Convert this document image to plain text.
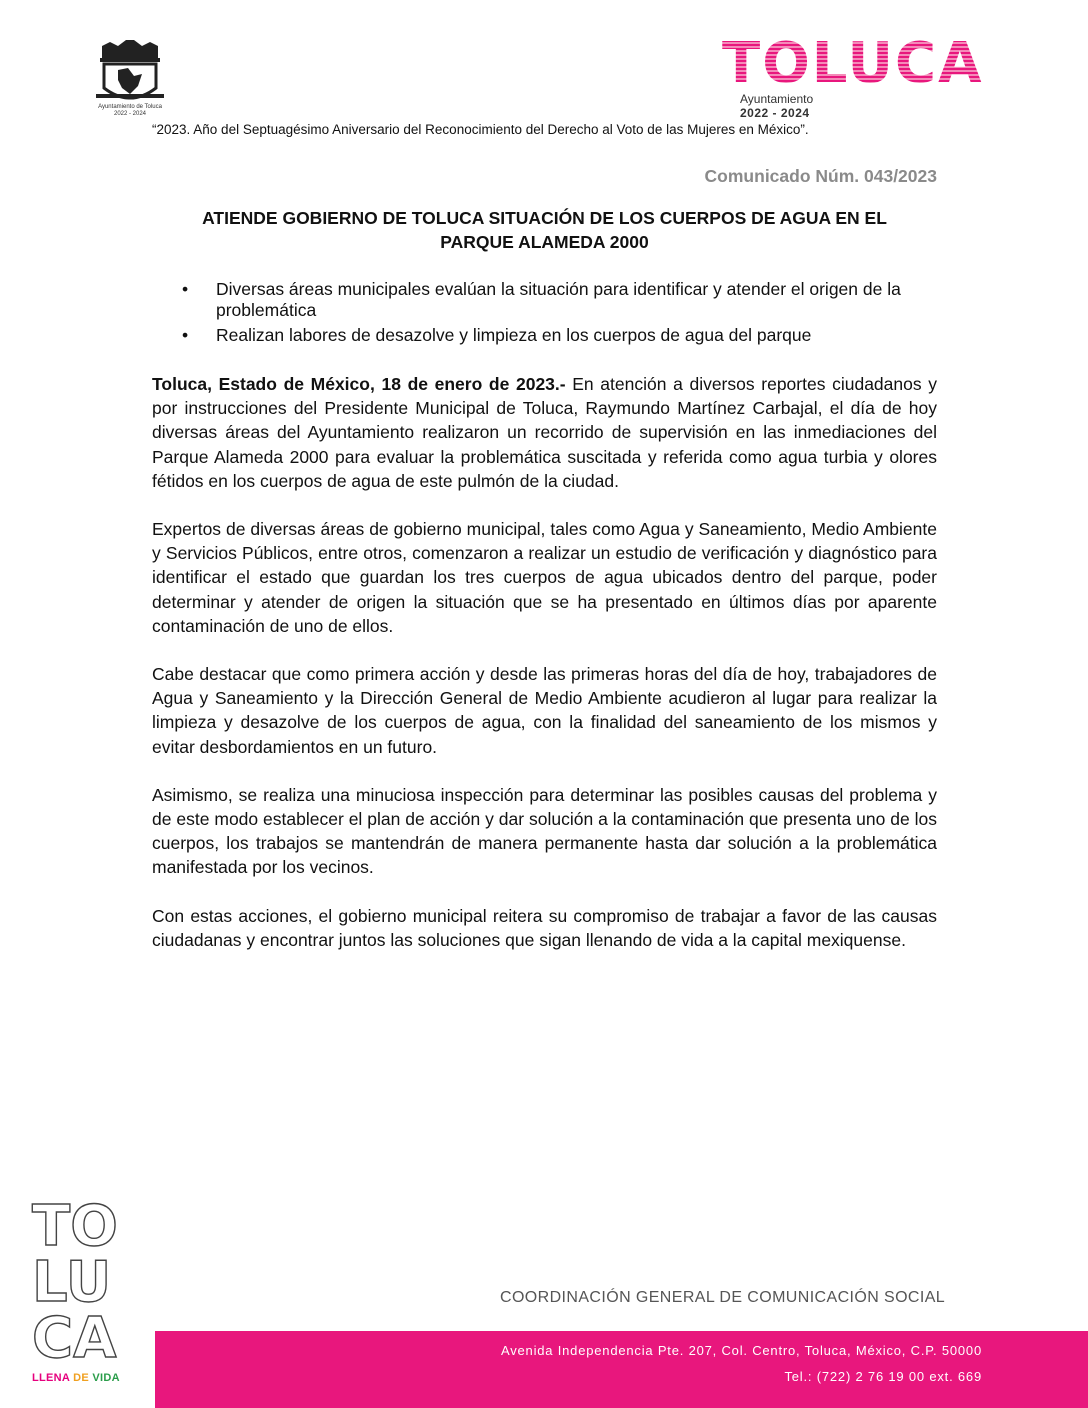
Ayuntamiento de Toluca
2022 - 2024
“2023. Año del Septuagésimo Aniversario del Reconocimiento del Derecho al Voto de las Mujeres en México”.
TOLUCA
Ayuntamiento
2022 - 2024
Comunicado Núm. 043/2023
ATIENDE GOBIERNO DE TOLUCA SITUACIÓN DE LOS CUERPOS DE AGUA EN EL
PARQUE ALAMEDA 2000
• Diversas áreas municipales evalúan la situación para identificar y atender el origen de la problemática
• Realizan labores de desazolve y limpieza en los cuerpos de agua del parque

Toluca, Estado de México, 18 de enero de 2023.- En atención a diversos reportes ciudadanos y por instrucciones del Presidente Municipal de Toluca, Raymundo Martínez Carbajal, el día de hoy diversas áreas del Ayuntamiento realizaron un recorrido de supervisión en las inmediaciones del Parque Alameda 2000 para evaluar la problemática suscitada y referida como agua turbia y olores fétidos en los cuerpos de agua de este pulmón de la ciudad.

Expertos de diversas áreas de gobierno municipal, tales como Agua y Saneamiento, Medio Ambiente y Servicios Públicos, entre otros, comenzaron a realizar un estudio de verificación y diagnóstico para identificar el estado que guardan los tres cuerpos de agua ubicados dentro del parque, poder determinar y atender de origen la situación que se ha presentado en últimos días por aparente contaminación de uno de ellos.

Cabe destacar que como primera acción y desde las primeras horas del día de hoy, trabajadores de Agua y Saneamiento y la Dirección General de Medio Ambiente acudieron al lugar para realizar la limpieza y desazolve de los cuerpos de agua, con la finalidad del saneamiento de los mismos y evitar desbordamientos en un futuro.

Asimismo, se realiza una minuciosa inspección para determinar las posibles causas del problema y de este modo establecer el plan de acción y dar solución a la contaminación que presenta uno de los cuerpos, los trabajos se mantendrán de manera permanente hasta dar solución a la problemática manifestada por los vecinos.

Con estas acciones, el gobierno municipal reitera su compromiso de trabajar a favor de las causas ciudadanas y encontrar juntos las soluciones que sigan llenando de vida a la capital mexiquense.

TO
LU
CA
LLENA DE VIDA
COORDINACIÓN GENERAL DE COMUNICACIÓN SOCIAL
Avenida Independencia Pte. 207, Col. Centro, Toluca, México, C.P. 50000
Tel.: (722) 2 76 19 00 ext. 669
